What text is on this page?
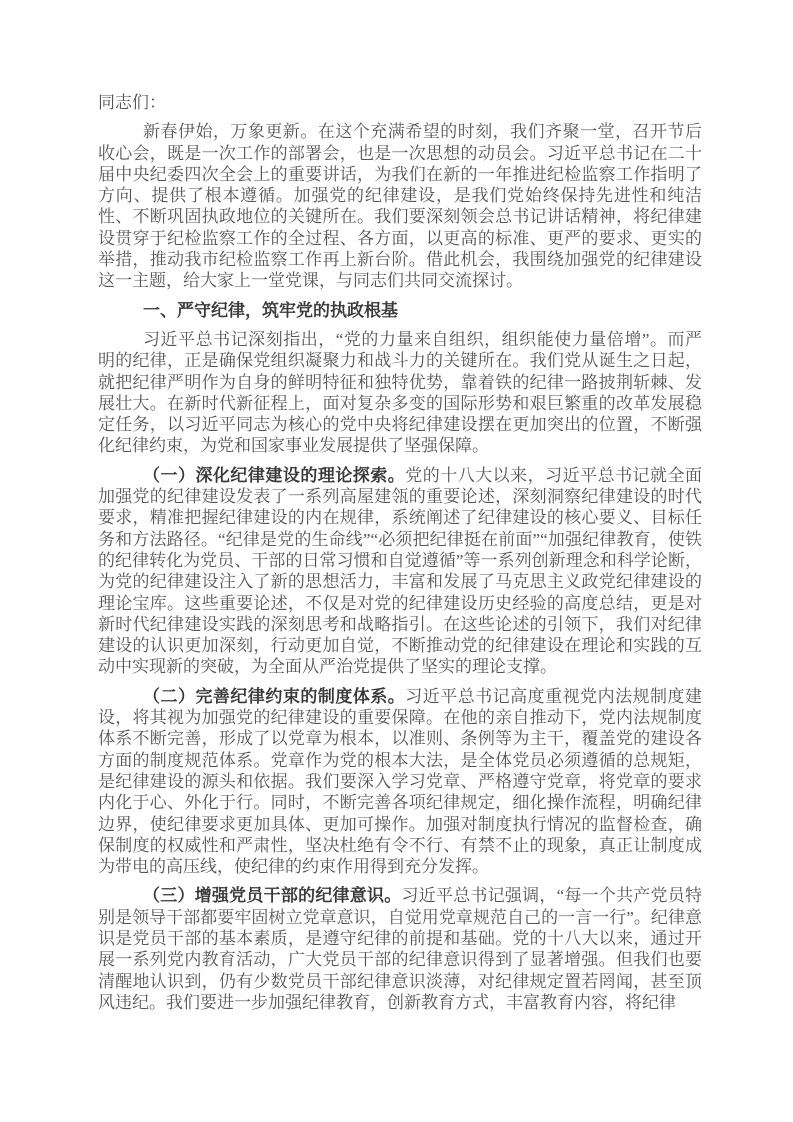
同志们：

新春伊始，万象更新。在这个充满希望的时刻，我们齐聚一堂，召开节后收心会，既是一次工作的部署会，也是一次思想的动员会。习近平总书记在二十届中央纪委四次全会上的重要讲话，为我们在新的一年推进纪检监察工作指明了方向、提供了根本遵循。加强党的纪律建设，是我们党始终保持先进性和纯洁性、不断巩固执政地位的关键所在。我们要深刻领会总书记讲话精神，将纪律建设贯穿于纪检监察工作的全过程、各方面，以更高的标准、更严的要求、更实的举措，推动我市纪检监察工作再上新台阶。借此机会，我围绕加强党的纪律建设这一主题，给大家上一堂党课，与同志们共同交流探讨。

一、严守纪律，筑牢党的执政根基

习近平总书记深刻指出，“党的力量来自组织，组织能使力量倍增”。而严明的纪律，正是确保党组织凝聚力和战斗力的关键所在。我们党从诞生之日起，就把纪律严明作为自身的鲜明特征和独特优势，靠着铁的纪律一路披荆斩棘、发展壮大。在新时代新征程上，面对复杂多变的国际形势和艰巨繁重的改革发展稳定任务，以习近平同志为核心的党中央将纪律建设摆在更加突出的位置，不断强化纪律约束，为党和国家事业发展提供了坚强保障。

（一）深化纪律建设的理论探索。党的十八大以来，习近平总书记就全面加强党的纪律建设发表了一系列高屋建瓴的重要论述，深刻洞察纪律建设的时代要求，精准把握纪律建设的内在规律，系统阐述了纪律建设的核心要义、目标任务和方法路径。“纪律是党的生命线”“必须把纪律挺在前面”“加强纪律教育，使铁的纪律转化为党员、干部的日常习惯和自觉遵循”等一系列创新理念和科学论断，为党的纪律建设注入了新的思想活力，丰富和发展了马克思主义政党纪律建设的理论宝库。这些重要论述，不仅是对党的纪律建设历史经验的高度总结，更是对新时代纪律建设实践的深刻思考和战略指引。在这些论述的引领下，我们对纪律建设的认识更加深刻，行动更加自觉，不断推动党的纪律建设在理论和实践的互动中实现新的突破，为全面从严治党提供了坚实的理论支撑。

（二）完善纪律约束的制度体系。习近平总书记高度重视党内法规制度建设，将其视为加强党的纪律建设的重要保障。在他的亲自推动下，党内法规制度体系不断完善，形成了以党章为根本，以准则、条例等为主干，覆盖党的建设各方面的制度规范体系。党章作为党的根本大法，是全体党员必须遵循的总规矩，是纪律建设的源头和依据。我们要深入学习党章、严格遵守党章，将党章的要求内化于心、外化于行。同时，不断完善各项纪律规定，细化操作流程，明确纪律边界，使纪律要求更加具体、更加可操作。加强对制度执行情况的监督检查，确保制度的权威性和严肃性，坚决杜绝有令不行、有禁不止的现象，真正让制度成为带电的高压线，使纪律的约束作用得到充分发挥。

（三）增强党员干部的纪律意识。习近平总书记强调，“每一个共产党员特别是领导干部都要牢固树立党章意识，自觉用党章规范自己的一言一行”。纪律意识是党员干部的基本素质，是遵守纪律的前提和基础。党的十八大以来，通过开展一系列党内教育活动，广大党员干部的纪律意识得到了显著增强。但我们也要清醒地认识到，仍有少数党员干部纪律意识淡薄，对纪律规定置若罔闻，甚至顶风违纪。我们要进一步加强纪律教育，创新教育方式，丰富教育内容，将纪律
